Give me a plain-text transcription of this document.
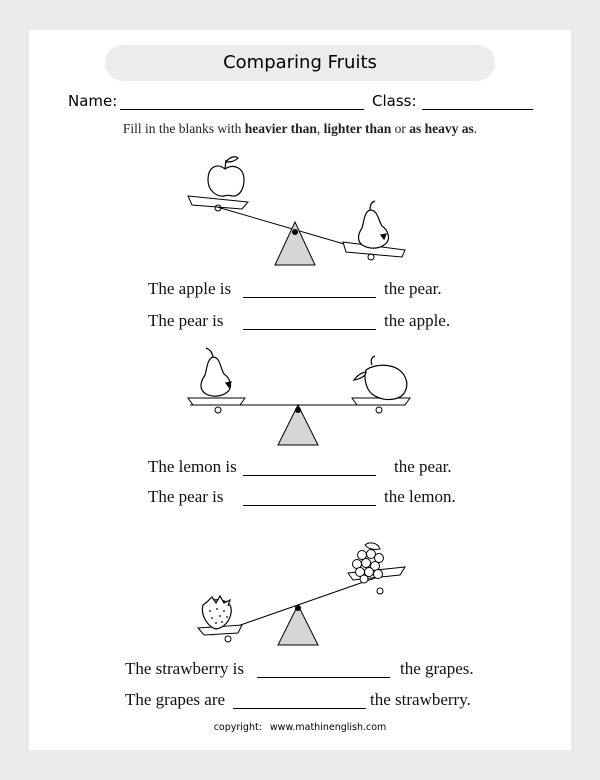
Comparing Fruits
Name:	Class:
Fill in the blanks with heavier than, lighter than or as heavy as.
The apple is	the pear.
The pear is	the apple.
The lemon is	the pear.
The pear is	the lemon.
The strawberry is	the grapes.
The grapes are	the strawberry.
copyright: www.mathinenglish.com
